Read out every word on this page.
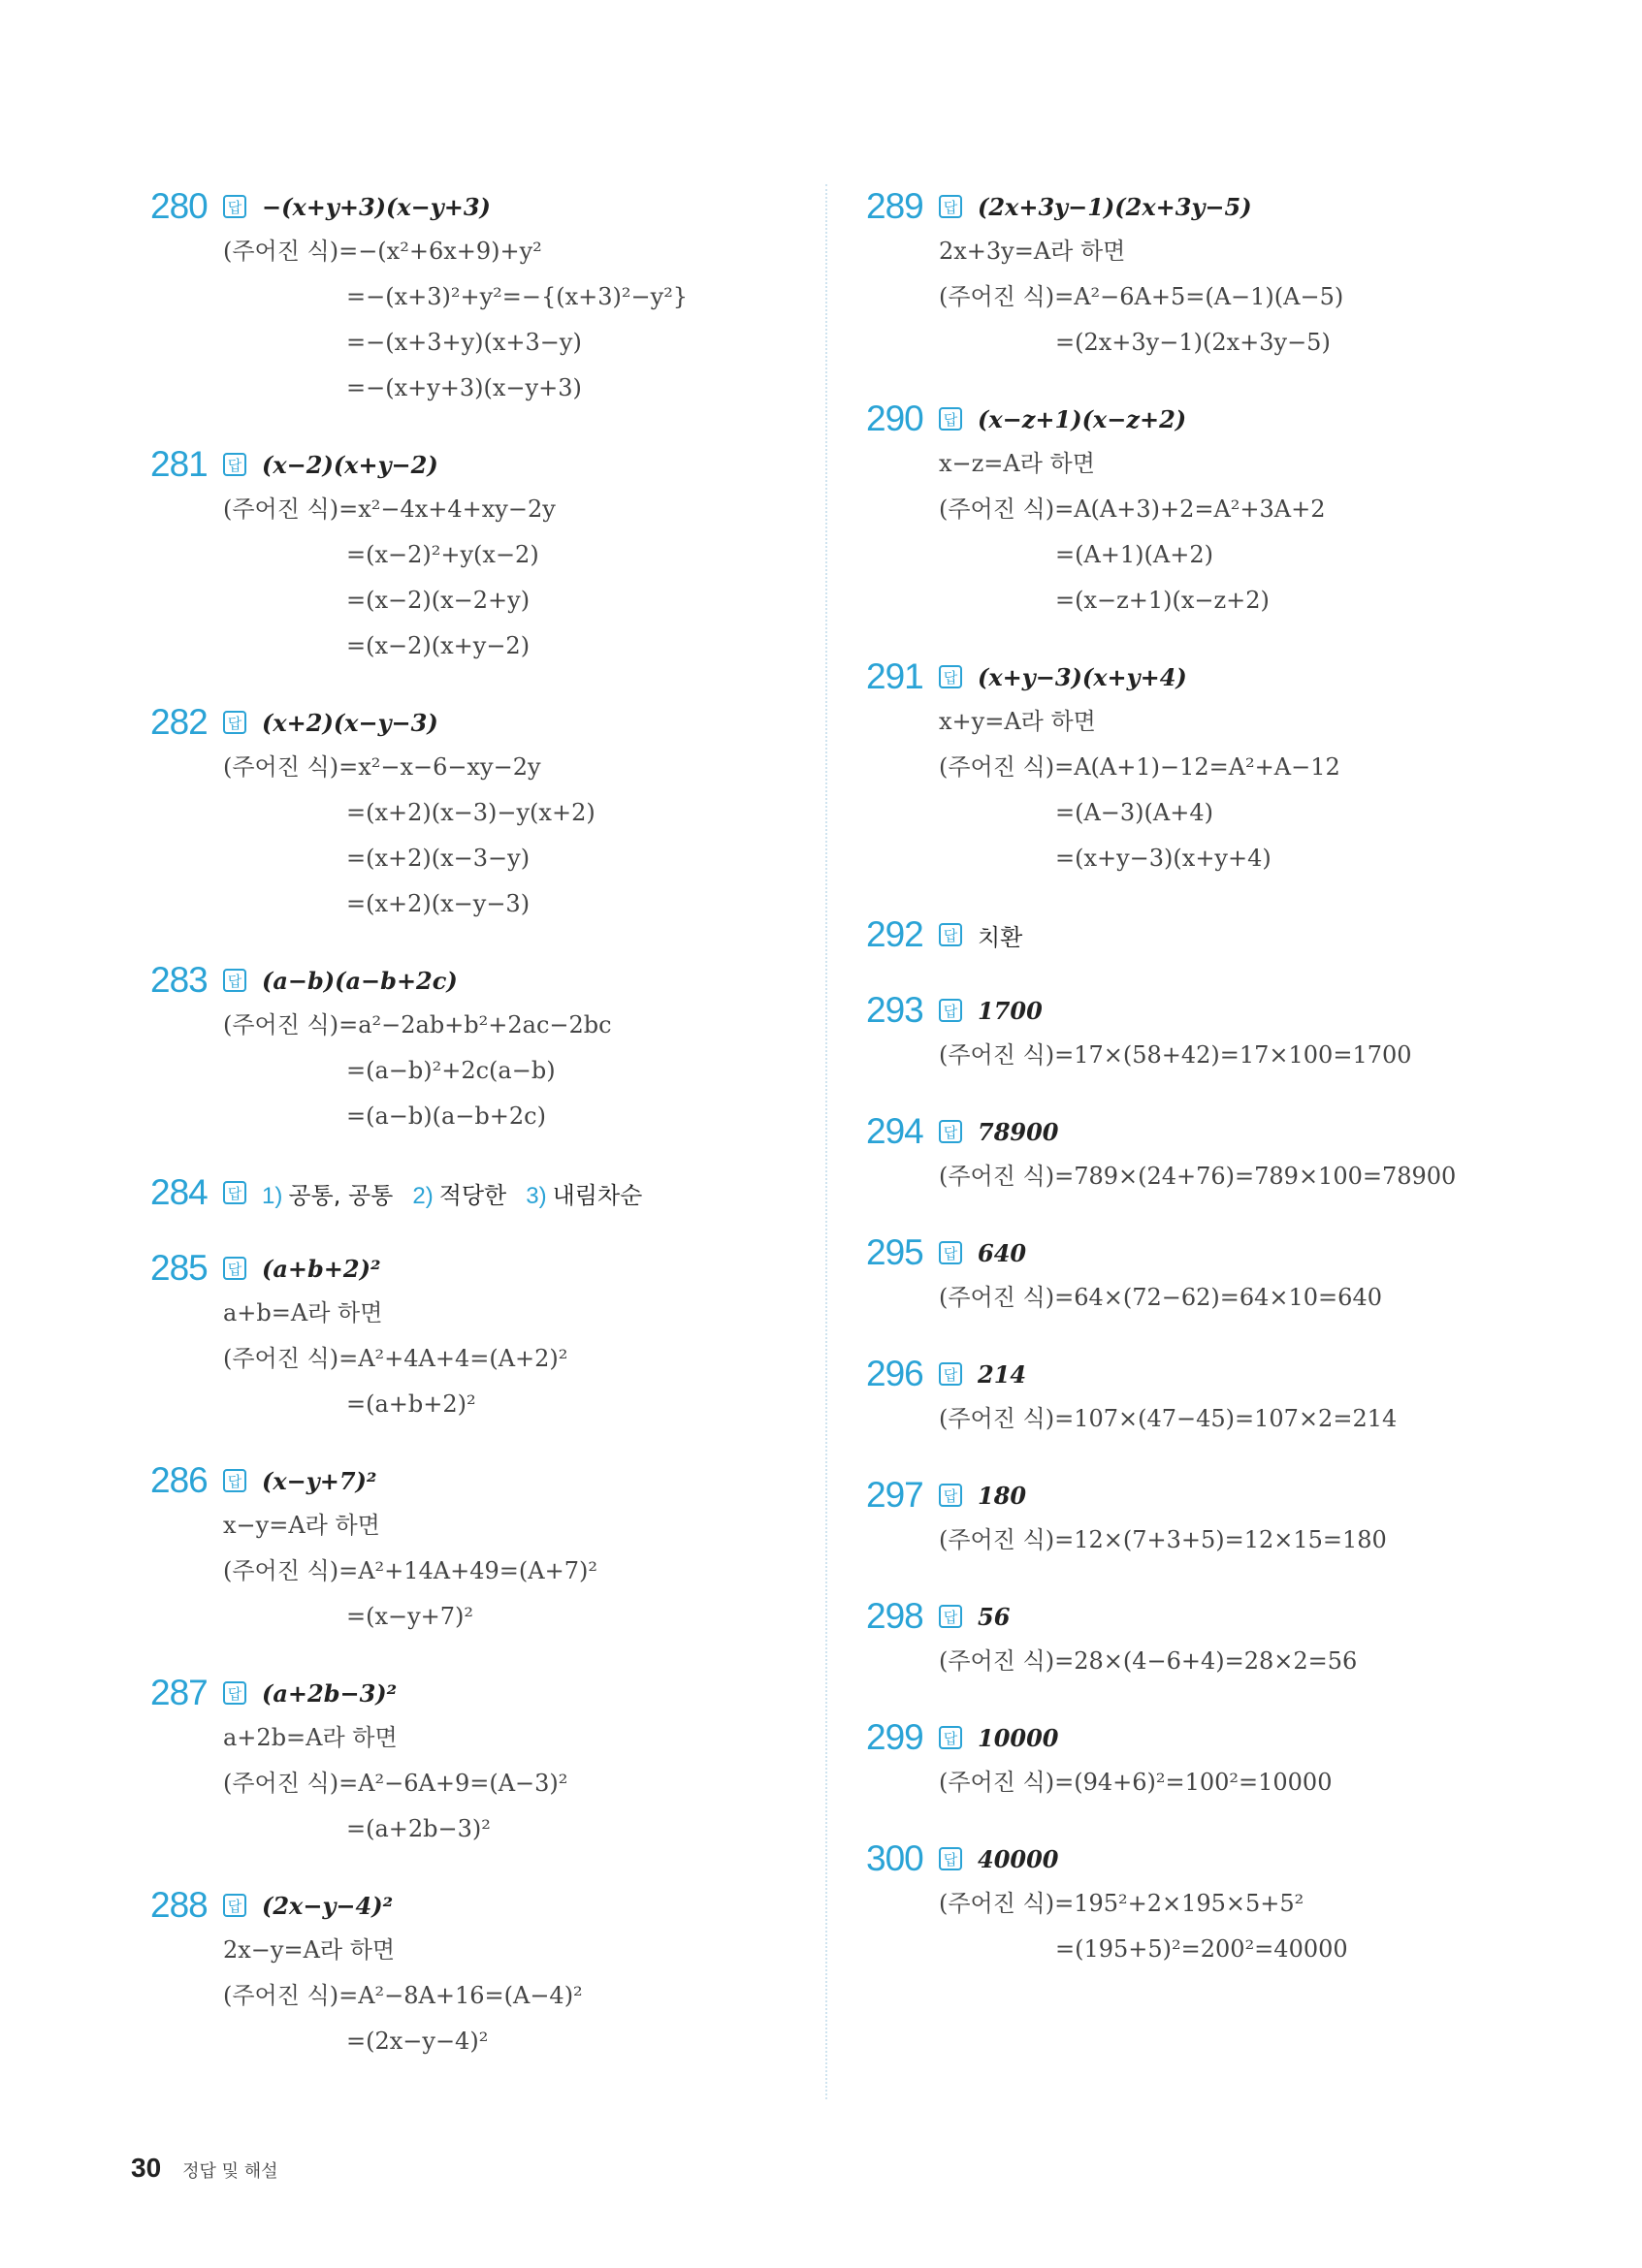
280	답 −(x+y+3)(x−y+3)
(주어진 식)=−(x²+6x+9)+y²
=−(x+3)²+y²=−{(x+3)²−y²}
=−(x+3+y)(x+3−y)
=−(x+y+3)(x−y+3)
281	답 (x−2)(x+y−2)
(주어진 식)=x²−4x+4+xy−2y
=(x−2)²+y(x−2)
=(x−2)(x−2+y)
=(x−2)(x+y−2)
282	답 (x+2)(x−y−3)
(주어진 식)=x²−x−6−xy−2y
=(x+2)(x−3)−y(x+2)
=(x+2)(x−3−y)
=(x+2)(x−y−3)
283	답 (a−b)(a−b+2c)
(주어진 식)=a²−2ab+b²+2ac−2bc
=(a−b)²+2c(a−b)
=(a−b)(a−b+2c)
284	답 1) 공통, 공통 2) 적당한 3) 내림차순
285	답 (a+b+2)²
a+b=A라 하면
(주어진 식)=A²+4A+4=(A+2)²
=(a+b+2)²
286	답 (x−y+7)²
x−y=A라 하면
(주어진 식)=A²+14A+49=(A+7)²
=(x−y+7)²
287	답 (a+2b−3)²
a+2b=A라 하면
(주어진 식)=A²−6A+9=(A−3)²
=(a+2b−3)²
288	답 (2x−y−4)²
2x−y=A라 하면
(주어진 식)=A²−8A+16=(A−4)²
=(2x−y−4)²
289	답 (2x+3y−1)(2x+3y−5)
2x+3y=A라 하면
(주어진 식)=A²−6A+5=(A−1)(A−5)
=(2x+3y−1)(2x+3y−5)
290	답 (x−z+1)(x−z+2)
x−z=A라 하면
(주어진 식)=A(A+3)+2=A²+3A+2
=(A+1)(A+2)
=(x−z+1)(x−z+2)
291	답 (x+y−3)(x+y+4)
x+y=A라 하면
(주어진 식)=A(A+1)−12=A²+A−12
=(A−3)(A+4)
=(x+y−3)(x+y+4)
292	답 치환
293	답 1700
(주어진 식)=17×(58+42)=17×100=1700
294	답 78900
(주어진 식)=789×(24+76)=789×100=78900
295	답 640
(주어진 식)=64×(72−62)=64×10=640
296	답 214
(주어진 식)=107×(47−45)=107×2=214
297	답 180
(주어진 식)=12×(7+3+5)=12×15=180
298	답 56
(주어진 식)=28×(4−6+4)=28×2=56
299	답 10000
(주어진 식)=(94+6)²=100²=10000
300	답 40000
(주어진 식)=195²+2×195×5+5²
=(195+5)²=200²=40000
30 정답 및 해설
